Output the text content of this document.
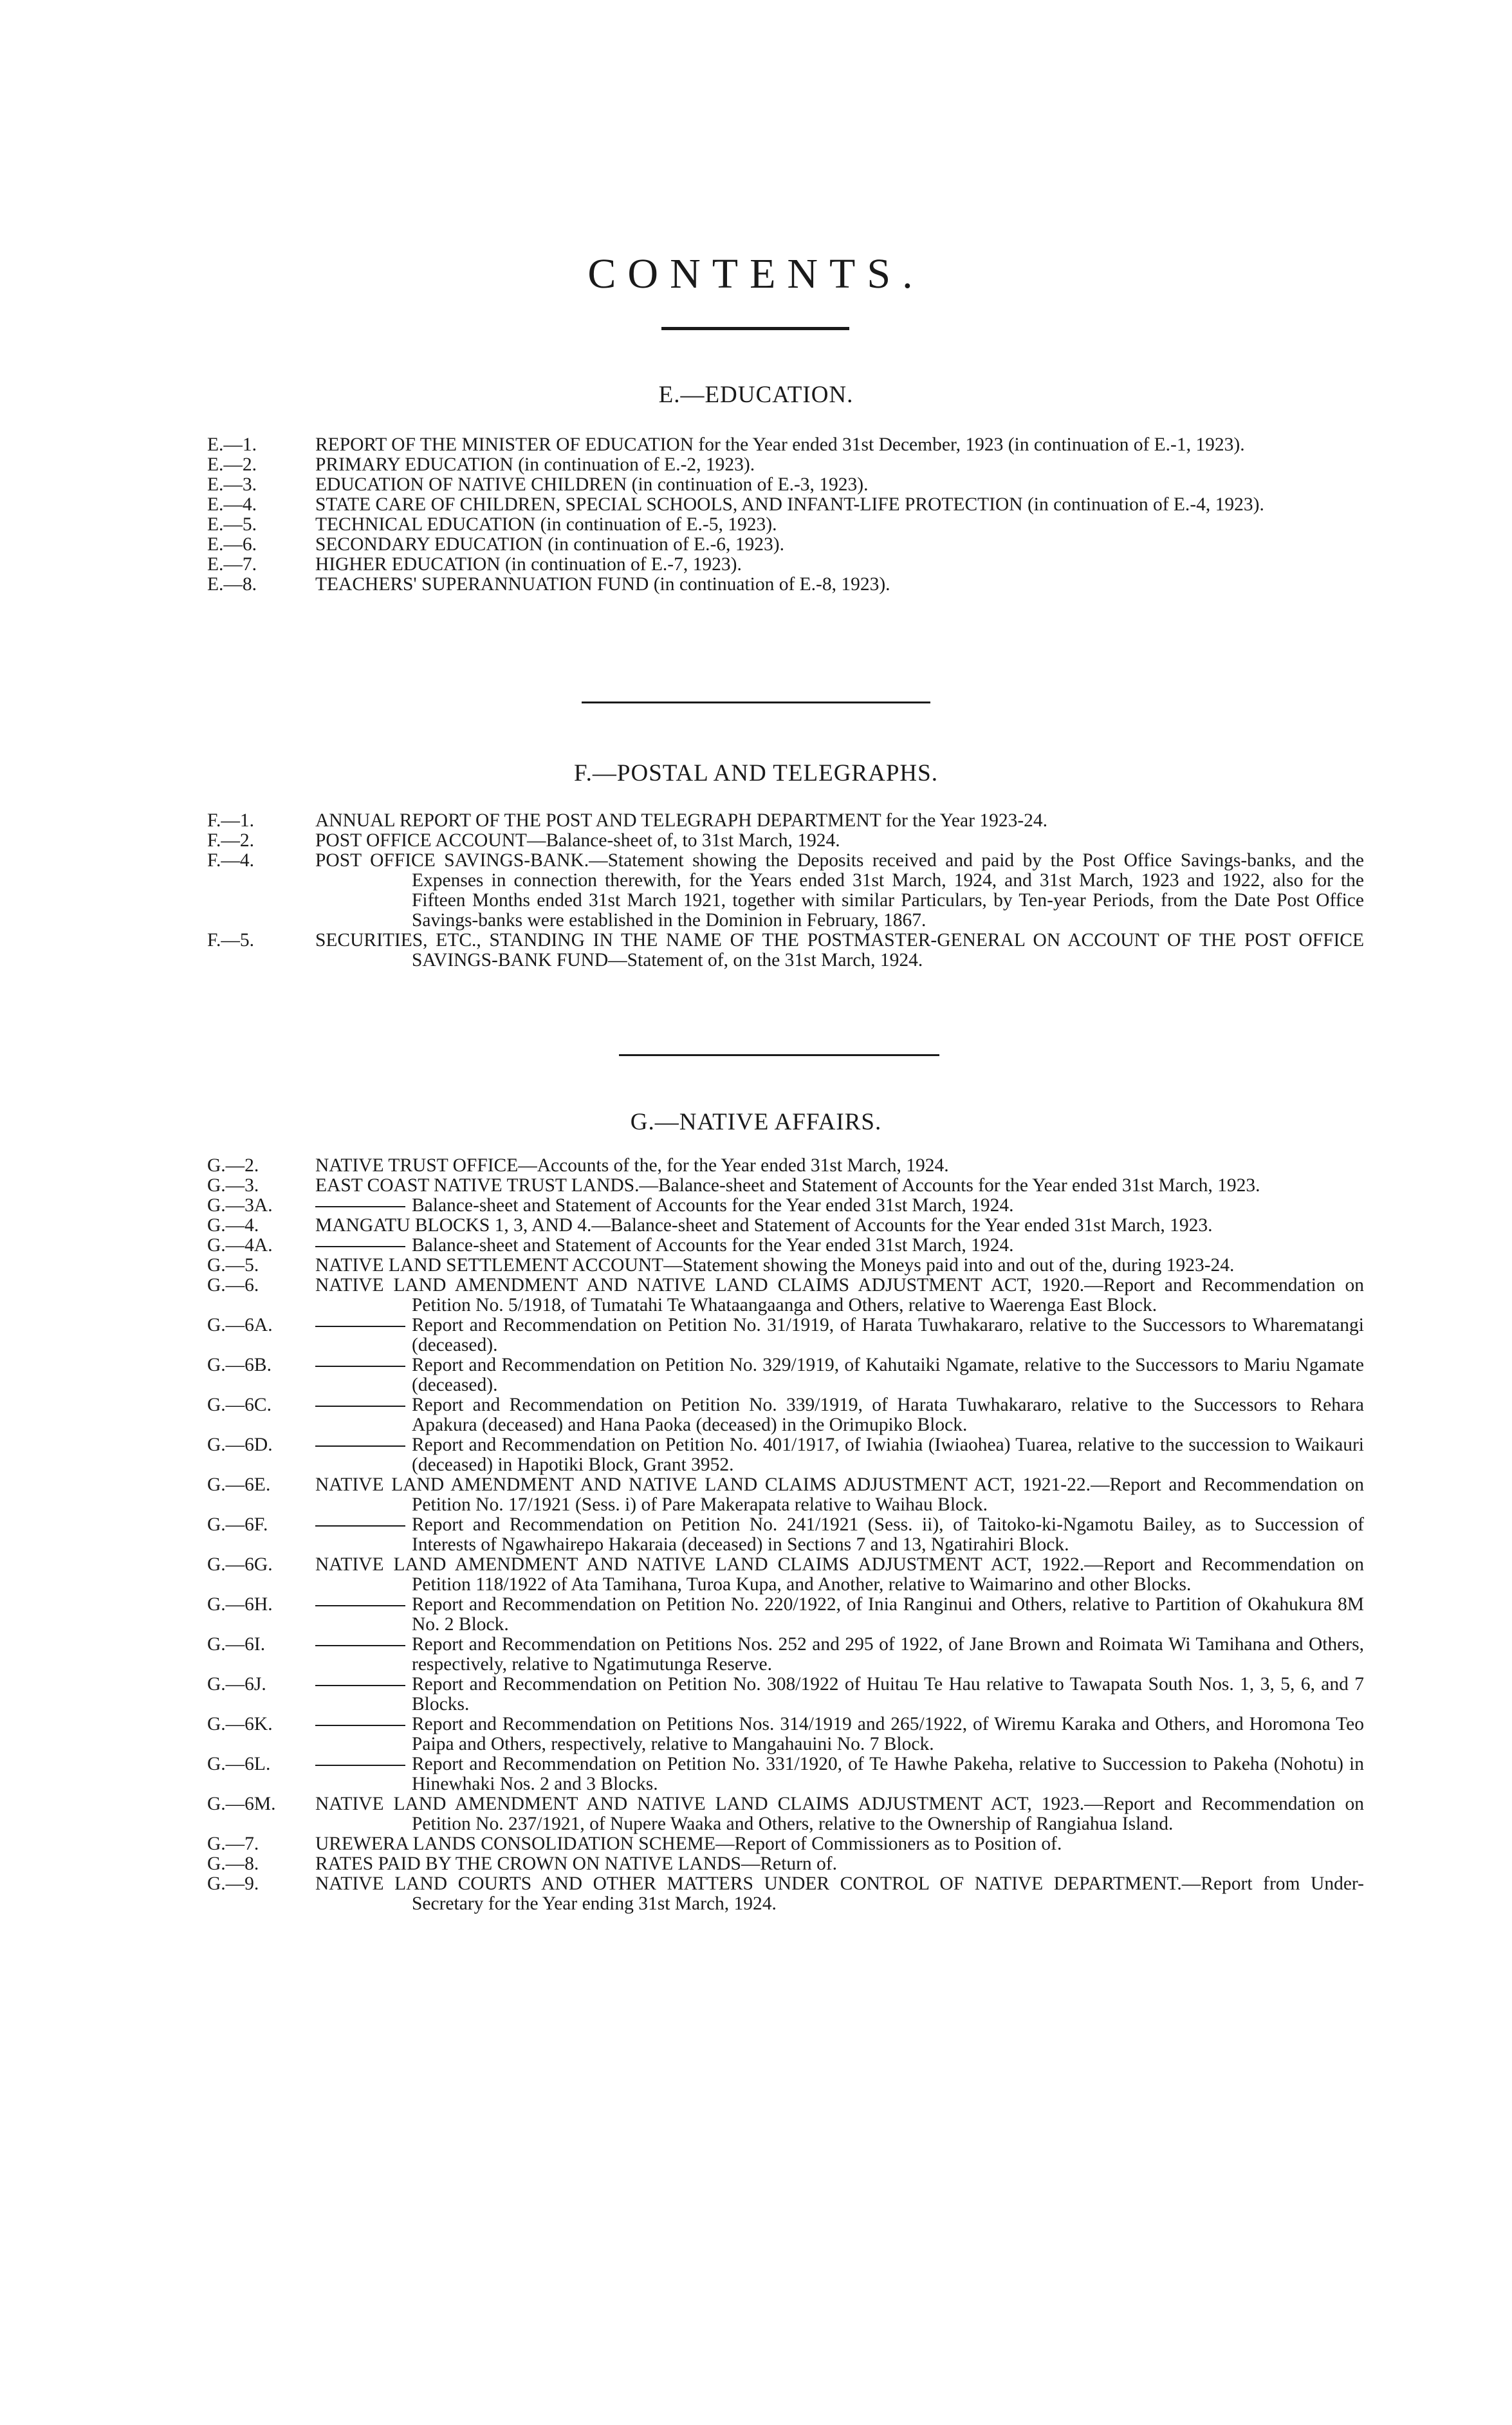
CONTENTS.
E.—EDUCATION.
E.—1.	REPORT OF THE MINISTER OF EDUCATION for the Year ended 31st December, 1923 (in continuation of E.-1, 1923).
E.—2.	PRIMARY EDUCATION (in continuation of E.-2, 1923).
E.—3.	EDUCATION OF NATIVE CHILDREN (in continuation of E.-3, 1923).
E.—4.	STATE CARE OF CHILDREN, SPECIAL SCHOOLS, AND INFANT-LIFE PROTECTION (in continuation of E.-4, 1923).
E.—5.	TECHNICAL EDUCATION (in continuation of E.-5, 1923).
E.—6.	SECONDARY EDUCATION (in continuation of E.-6, 1923).
E.—7.	HIGHER EDUCATION (in continuation of E.-7, 1923).
E.—8.	TEACHERS' SUPERANNUATION FUND (in continuation of E.-8, 1923).
F.—POSTAL AND TELEGRAPHS.
F.—1.	ANNUAL REPORT OF THE POST AND TELEGRAPH DEPARTMENT for the Year 1923-24.
F.—2.	POST OFFICE ACCOUNT—Balance-sheet of, to 31st March, 1924.
F.—4.	POST OFFICE SAVINGS-BANK.—Statement showing the Deposits received and paid by the Post Office Savings-banks, and the Expenses in connection therewith, for the Years ended 31st March, 1924, and 31st March, 1923 and 1922, also for the Fifteen Months ended 31st March 1921, together with similar Particulars, by Ten-year Periods, from the Date Post Office Savings-banks were established in the Dominion in February, 1867.
F.—5.	SECURITIES, ETC., STANDING IN THE NAME OF THE POSTMASTER-GENERAL ON ACCOUNT OF THE POST OFFICE SAVINGS-BANK FUND—Statement of, on the 31st March, 1924.
G.—NATIVE AFFAIRS.
G.—2.	NATIVE TRUST OFFICE—Accounts of the, for the Year ended 31st March, 1924.
G.—3.	EAST COAST NATIVE TRUST LANDS.—Balance-sheet and Statement of Accounts for the Year ended 31st March, 1923.
G.—3A.	Balance-sheet and Statement of Accounts for the Year ended 31st March, 1924.
G.—4.	MANGATU BLOCKS 1, 3, AND 4.—Balance-sheet and Statement of Accounts for the Year ended 31st March, 1923.
G.—4A.	Balance-sheet and Statement of Accounts for the Year ended 31st March, 1924.
G.—5.	NATIVE LAND SETTLEMENT ACCOUNT—Statement showing the Moneys paid into and out of the, during 1923-24.
G.—6.	NATIVE LAND AMENDMENT AND NATIVE LAND CLAIMS ADJUSTMENT ACT, 1920.—Report and Recommendation on Petition No. 5/1918, of Tumatahi Te Whataangaanga and Others, relative to Waerenga East Block.
G.—6A.	Report and Recommendation on Petition No. 31/1919, of Harata Tuwhakararo, relative to the Successors to Wharematangi (deceased).
G.—6B.	Report and Recommendation on Petition No. 329/1919, of Kahutaiki Ngamate, relative to the Successors to Mariu Ngamate (deceased).
G.—6C.	Report and Recommendation on Petition No. 339/1919, of Harata Tuwhakararo, relative to the Successors to Rehara Apakura (deceased) and Hana Paoka (deceased) in the Orimupiko Block.
G.—6D.	Report and Recommendation on Petition No. 401/1917, of Iwiahia (Iwiaohea) Tuarea, relative to the succession to Waikauri (deceased) in Hapotiki Block, Grant 3952.
G.—6E.	NATIVE LAND AMENDMENT AND NATIVE LAND CLAIMS ADJUSTMENT ACT, 1921-22.—Report and Recommendation on Petition No. 17/1921 (Sess. i) of Pare Makerapata relative to Waihau Block.
G.—6F.	Report and Recommendation on Petition No. 241/1921 (Sess. ii), of Taitoko-ki-Ngamotu Bailey, as to Succession of Interests of Ngawhairepo Hakaraia (deceased) in Sections 7 and 13, Ngatirahiri Block.
G.—6G.	NATIVE LAND AMENDMENT AND NATIVE LAND CLAIMS ADJUSTMENT ACT, 1922.—Report and Recommendation on Petition 118/1922 of Ata Tamihana, Turoa Kupa, and Another, relative to Waimarino and other Blocks.
G.—6H.	Report and Recommendation on Petition No. 220/1922, of Inia Ranginui and Others, relative to Partition of Okahukura 8M No. 2 Block.
G.—6I.	Report and Recommendation on Petitions Nos. 252 and 295 of 1922, of Jane Brown and Roimata Wi Tamihana and Others, respectively, relative to Ngatimutunga Reserve.
G.—6J.	Report and Recommendation on Petition No. 308/1922 of Huitau Te Hau relative to Tawapata South Nos. 1, 3, 5, 6, and 7 Blocks.
G.—6K.	Report and Recommendation on Petitions Nos. 314/1919 and 265/1922, of Wiremu Karaka and Others, and Horomona Teo Paipa and Others, respectively, relative to Mangahauini No. 7 Block.
G.—6L.	Report and Recommendation on Petition No. 331/1920, of Te Hawhe Pakeha, relative to Succession to Pakeha (Nohotu) in Hinewhaki Nos. 2 and 3 Blocks.
G.—6M.	NATIVE LAND AMENDMENT AND NATIVE LAND CLAIMS ADJUSTMENT ACT, 1923.—Report and Recommendation on Petition No. 237/1921, of Nupere Waaka and Others, relative to the Ownership of Rangiahua Island.
G.—7.	UREWERA LANDS CONSOLIDATION SCHEME—Report of Commissioners as to Position of.
G.—8.	RATES PAID BY THE CROWN ON NATIVE LANDS—Return of.
G.—9.	NATIVE LAND COURTS AND OTHER MATTERS UNDER CONTROL OF NATIVE DEPARTMENT.—Report from Under-Secretary for the Year ending 31st March, 1924.
